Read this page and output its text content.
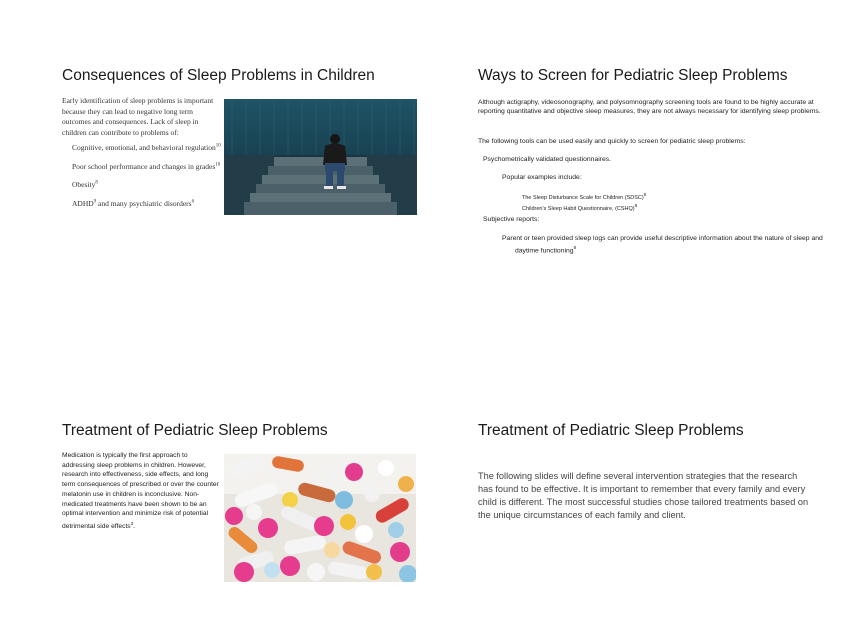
Consequences of Sleep Problems in Children
Early identification of sleep problems is important because they can lead to negative long term outcomes and consequences. Lack of sleep in children can contribute to problems of:
Cognitive, emotional, and behavioral regulation$^{10}$
Poor school performance and changes in grades$^{10}$
Obesity$^8$
ADHD$^9$ and many psychiatric disorders$^6$
Ways to Screen for Pediatric Sleep Problems
Although actigraphy, videosonography, and polysomnography screening tools are found to be highly accurate at reporting quantitative and objective sleep measures, they are not always necessary for identifying sleep problems.
The following tools can be used easily and quickly to screen for pediatric sleep problems:
Psychometrically validated questionnaires.
Popular examples include:
The Sleep Disturbance Scale for Children (SDSC)$^8$
Children's Sleep Habit Questionnaire, (CSHQ)$^8$
Subjective reports:
Parent or teen provided sleep logs can provide useful descriptive information about the nature of sleep and daytime functioning$^8$
Treatment of Pediatric Sleep Problems
Medication is typically the first approach to addressing sleep problems in children. However, research into effectiveness, side effects, and long term consequences of prescribed or over the counter melatonin use in children is inconclusive. Non-medicated treatments have been shown to be an optimal intervention and minimize risk of potential detrimental side effects$^3$.
Treatment of Pediatric Sleep Problems
The following slides will define several intervention strategies that the research has found to be effective. It is important to remember that every family and every child is different. The most successful studies chose tailored treatments based on the unique circumstances of each family and client.
